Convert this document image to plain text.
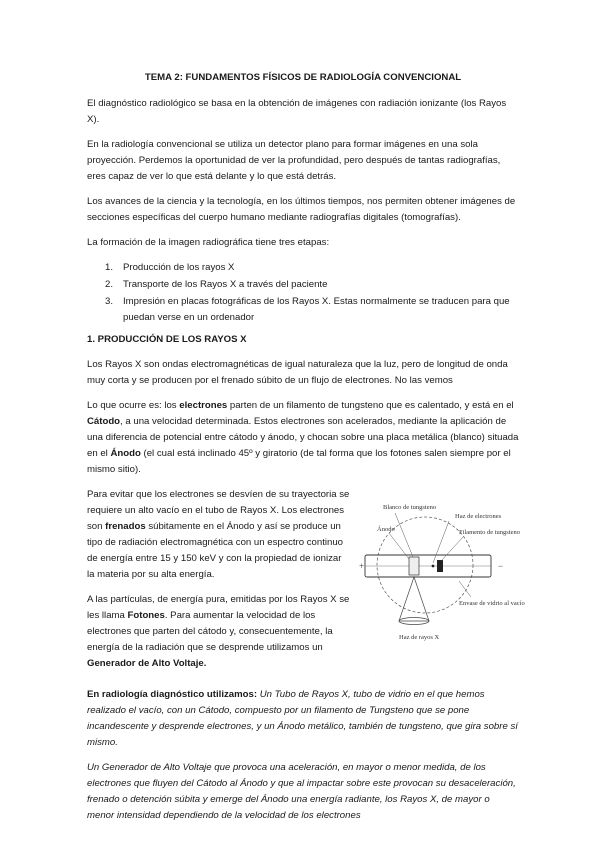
TEMA 2: FUNDAMENTOS FÍSICOS DE RADIOLOGÍA CONVENCIONAL

El diagnóstico radiológico se basa en la obtención de imágenes con radiación ionizante (los Rayos X).

En la radiología convencional se utiliza un detector plano para formar imágenes en una sola proyección. Perdemos la oportunidad de ver la profundidad, pero después de tantas radiografías, eres capaz de ver lo que está delante y lo que está detrás.

Los avances de la ciencia y la tecnología, en los últimos tiempos, nos permiten obtener imágenes de secciones específicas del cuerpo humano mediante radiografías digitales (tomografías).

La formación de la imagen radiográfica tiene tres etapas:

1.	Producción de los rayos X
2.	Transporte de los Rayos X a través del paciente
3.	Impresión en placas fotográficas de los Rayos X. Estas normalmente se traducen para que puedan verse en un ordenador
1. PRODUCCIÓN DE LOS RAYOS X

Los Rayos X son ondas electromagnéticas de igual naturaleza que la luz, pero de longitud de onda muy corta y se producen por el frenado súbito de un flujo de electrones. No las vemos

Lo que ocurre es: los electrones parten de un filamento de tungsteno que es calentado, y está en el Cátodo, a una velocidad determinada. Estos electrones son acelerados, mediante la aplicación de una diferencia de potencial entre cátodo y ánodo, y chocan sobre una placa metálica (blanco) situada en el Ánodo (el cual está inclinado 45º y giratorio (de tal forma que los fotones salen siempre por el mismo sitio).

Para evitar que los electrones se desvíen de su trayectoria se requiere un alto vacío en el tubo de Rayos X. Los electrones son frenados súbitamente en el Ánodo y así se produce un tipo de radiación electromagnética con un espectro continuo de energía entre 15 y 150 keV y con la propiedad de ionizar la materia por su alta energía.

A las partículas, de energía pura, emitidas por los Rayos X se les llama Fotones. Para aumentar la velocidad de los electrones que parten del cátodo y, consecuentemente, la energía de la radiación que se desprende utilizamos un Generador de Alto Voltaje.

Blanco de tungsteno
Haz de electrones
Ánodo	Filamento de tungsteno
+	−
Envase de vidrio al vacío
Haz de rayos X

En radiología diagnóstico utilizamos: Un Tubo de Rayos X, tubo de vidrio en el que hemos realizado el vacío, con un Cátodo, compuesto por un filamento de Tungsteno que se pone incandescente y desprende electrones, y un Ánodo metálico, también de tungsteno, que gira sobre sí mismo.

Un Generador de Alto Voltaje que provoca una aceleración, en mayor o menor medida, de los electrones que fluyen del Cátodo al Ánodo y que al impactar sobre este provocan su desaceleración, frenado o detención súbita y emerge del Ánodo una energía radiante, los Rayos X, de mayor o menor intensidad dependiendo de la velocidad de los electrones
